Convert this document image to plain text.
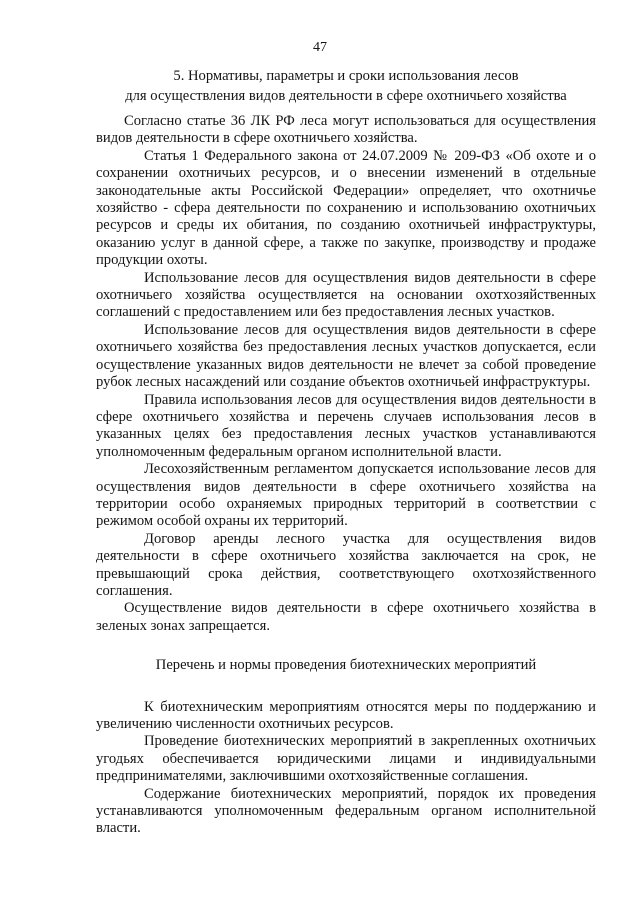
47
5. Нормативы, параметры и сроки использования лесов
для осуществления видов деятельности в сфере охотничьего хозяйства

Согласно статье 36 ЛК РФ леса могут использоваться для осуществления видов деятельности в сфере охотничьего хозяйства.

Статья 1 Федерального закона от 24.07.2009 № 209-ФЗ «Об охоте и о сохранении охотничьих ресурсов, и о внесении изменений в отдельные законодательные акты Российской Федерации» определяет, что охотничье хозяйство - сфера деятельности по сохранению и использованию охотничьих ресурсов и среды их обитания, по созданию охотничьей инфраструктуры, оказанию услуг в данной сфере, а также по закупке, производству и продаже продукции охоты.

Использование лесов для осуществления видов деятельности в сфере охотничьего хозяйства осуществляется на основании охотхозяйственных соглашений с предоставлением или без предоставления лесных участков.

Использование лесов для осуществления видов деятельности в сфере охотничьего хозяйства без предоставления лесных участков допускается, если осуществление указанных видов деятельности не влечет за собой проведение рубок лесных насаждений или создание объектов охотничьей инфраструктуры.

Правила использования лесов для осуществления видов деятельности в сфере охотничьего хозяйства и перечень случаев использования лесов в указанных целях без предоставления лесных участков устанавливаются уполномоченным федеральным органом исполнительной власти.

Лесохозяйственным регламентом допускается использование лесов для осуществления видов деятельности в сфере охотничьего хозяйства на территории особо охраняемых природных территорий в соответствии с режимом особой охраны их территорий.

Договор аренды лесного участка для осуществления видов деятельности в сфере охотничьего хозяйства заключается на срок, не превышающий срока действия, соответствующего охотхозяйственного соглашения.

Осуществление видов деятельности в сфере охотничьего хозяйства в зеленых зонах запрещается.

Перечень и нормы проведения биотехнических мероприятий

К биотехническим мероприятиям относятся меры по поддержанию и увеличению численности охотничьих ресурсов.

Проведение биотехнических мероприятий в закрепленных охотничьих угодьях обеспечивается юридическими лицами и индивидуальными предпринимателями, заключившими охотхозяйственные соглашения.

Содержание биотехнических мероприятий, порядок их проведения устанавливаются уполномоченным федеральным органом исполнительной власти.
